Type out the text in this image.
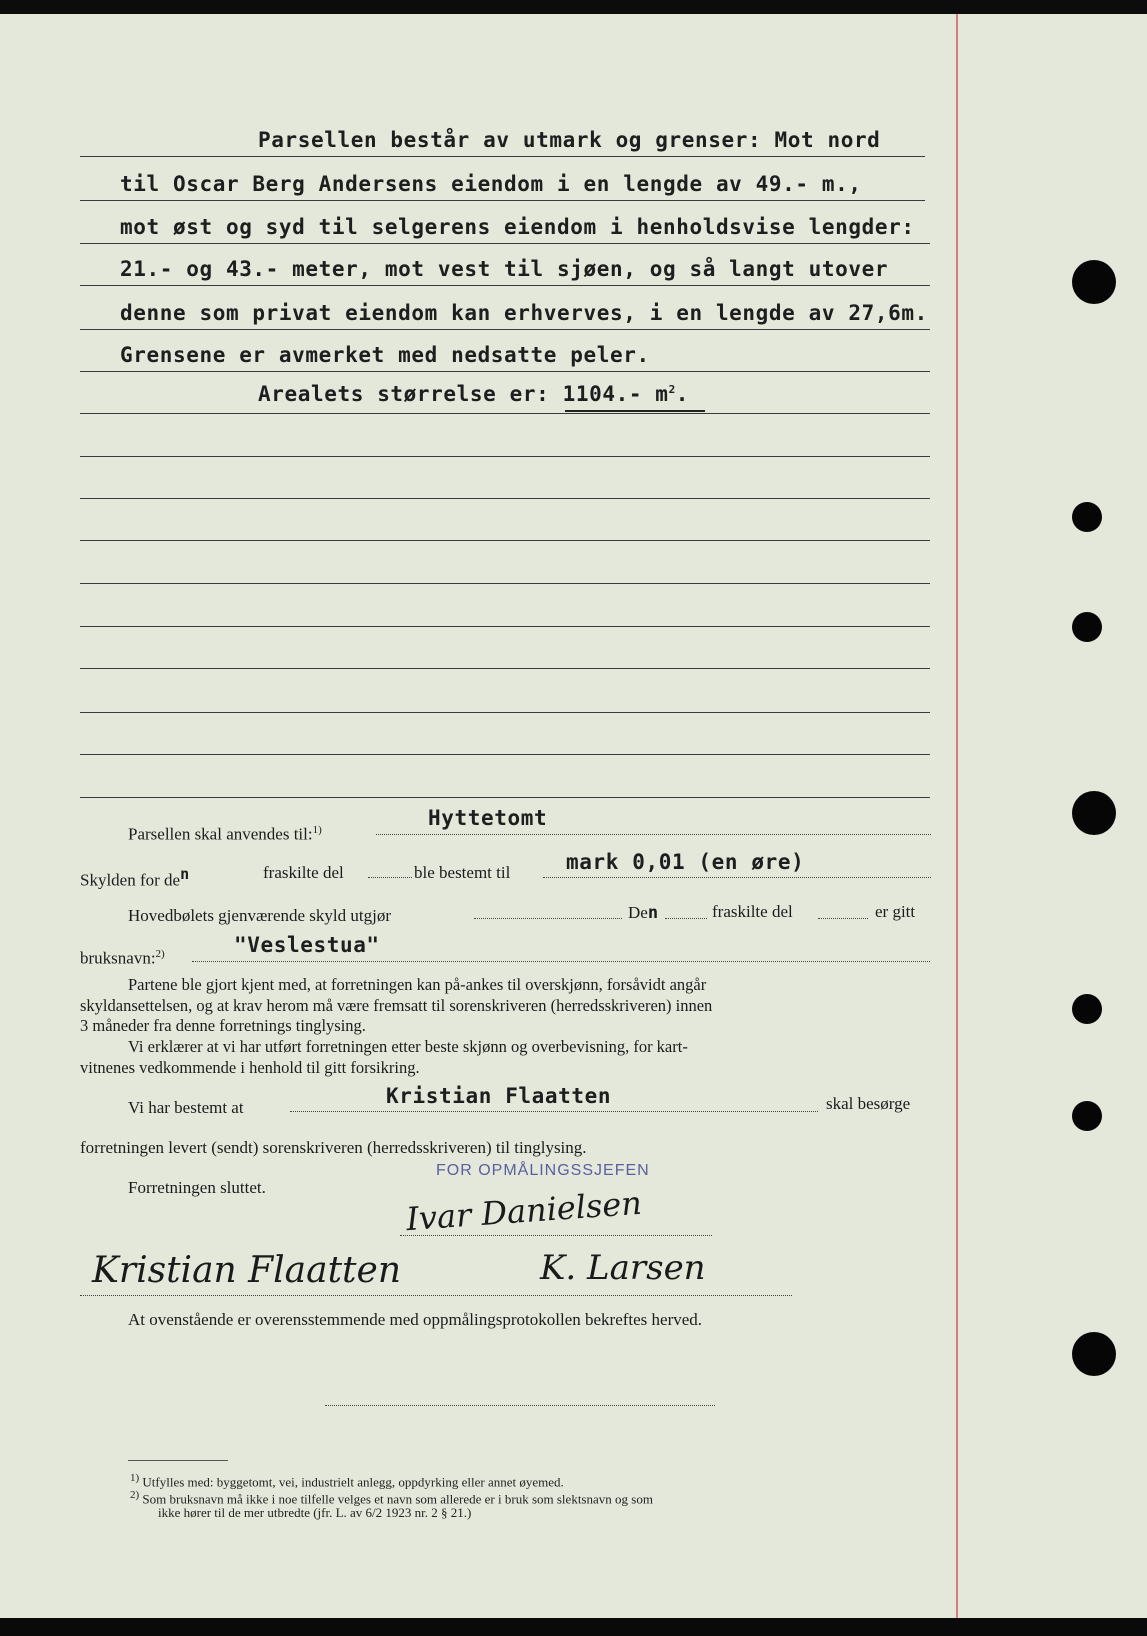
Parsellen består av utmark og grenser: Mot nord
til Oscar Berg Andersens eiendom i en lengde av 49.- m.,
mot øst og syd til selgerens eiendom i henholdsvise lengder:
21.- og 43.- meter, mot vest til sjøen, og så langt utover
denne som privat eiendom kan erhverves, i en lengde av 27,6m.
Grensene er avmerket med nedsatte peler.
Arealets størrelse er: 1104.- $m^2$.
Parsellen skal anvendes til:$^{1)}$	Hyttetomt
Skylden for $de^n$	fraskilte del	ble bestemt til	mark 0,01 (en øre)
Hovedbølets gjenværende skyld utgjør	Den	fraskilte del	er gitt
bruksnavn:$^{2)}$	"Veslestua"
Partene ble gjort kjent med, at forretningen kan på-ankes til overskjønn, forsåvidt angår
skyldansettelsen, og at krav herom må være fremsatt til sorenskriveren (herredsskriveren) innen
3 måneder fra denne forretnings tinglysing.
Vi erklærer at vi har utført forretningen etter beste skjønn og overbevisning, for kart-
vitnenes vedkommende i henhold til gitt forsikring.
Vi har bestemt at	Kristian Flaatten	skal besørge
forretningen levert (sendt) sorenskriveren (herredsskriveren) til tinglysing.
Forretningen sluttet.
FOR OPMÅLINGSSJEFEN
Ivar Danielsen
Kristian Flaatten	K. Larsen
At ovenstående er overensstemmende med oppmålingsprotokollen bekreftes herved.
$^{1)}$ Utfylles med: byggetomt, vei, industrielt anlegg, oppdyrking eller annet øyemed.
$^{2)}$ Som bruksnavn må ikke i noe tilfelle velges et navn som allerede er i bruk som slektsnavn og som
ikke hører til de mer utbredte (jfr. L. av 6/2 1923 nr. 2 § 21.)
